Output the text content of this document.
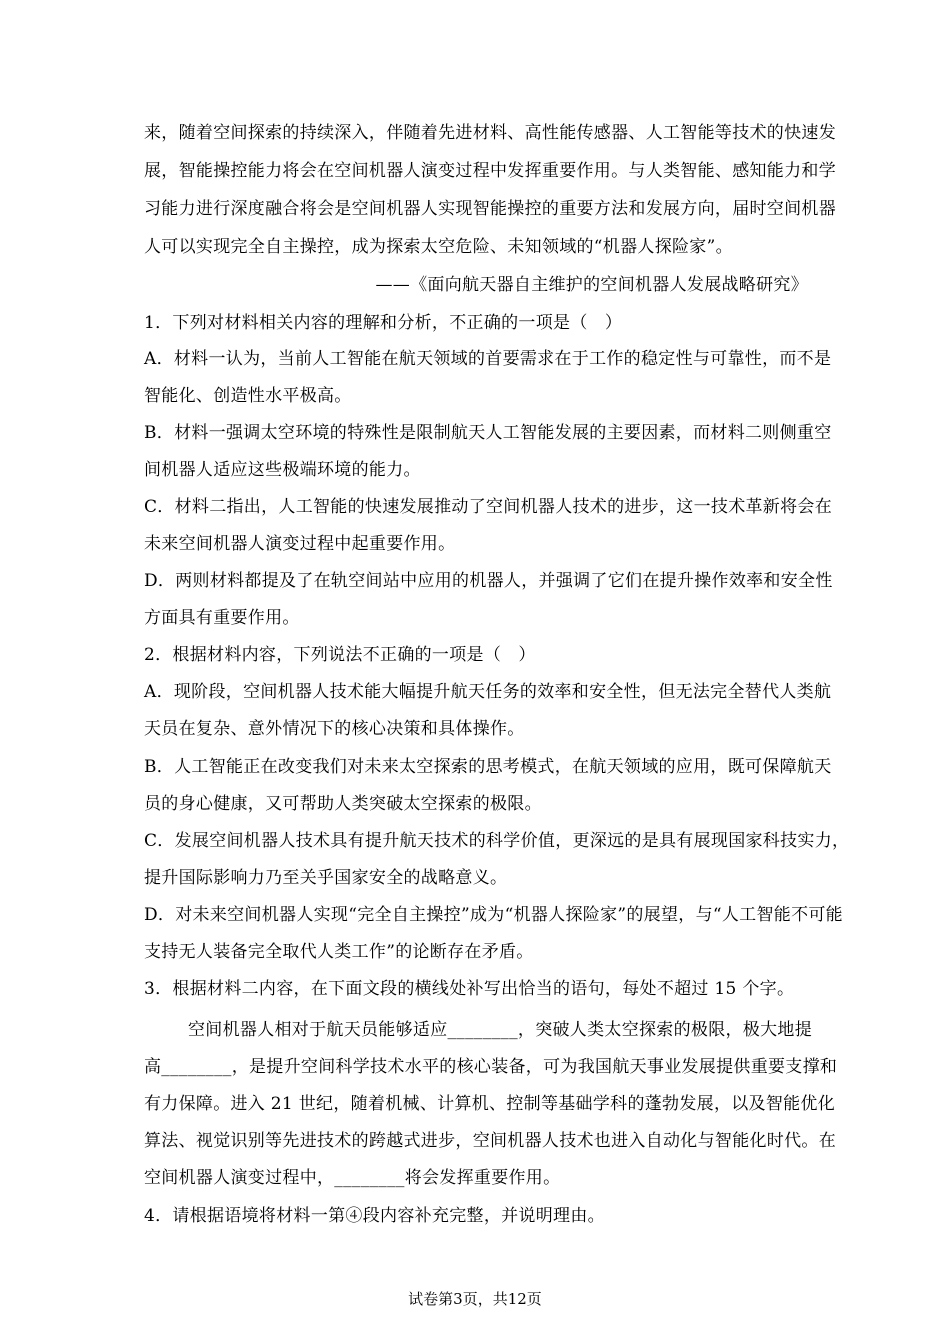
来，随着空间探索的持续深入，伴随着先进材料、高性能传感器、人工智能等技术的快速发
展，智能操控能力将会在空间机器人演变过程中发挥重要作用。与人类智能、感知能力和学
习能力进行深度融合将会是空间机器人实现智能操控的重要方法和发展方向，届时空间机器
人可以实现完全自主操控，成为探索太空危险、未知领域的“机器人探险家”。
——《面向航天器自主维护的空间机器人发展战略研究》
1．下列对材料相关内容的理解和分析，不正确的一项是（　）
A．材料一认为，当前人工智能在航天领域的首要需求在于工作的稳定性与可靠性，而不是
智能化、创造性水平极高。
B．材料一强调太空环境的特殊性是限制航天人工智能发展的主要因素，而材料二则侧重空
间机器人适应这些极端环境的能力。
C．材料二指出，人工智能的快速发展推动了空间机器人技术的进步，这一技术革新将会在
未来空间机器人演变过程中起重要作用。
D．两则材料都提及了在轨空间站中应用的机器人，并强调了它们在提升操作效率和安全性
方面具有重要作用。
2．根据材料内容，下列说法不正确的一项是（　）
A．现阶段，空间机器人技术能大幅提升航天任务的效率和安全性，但无法完全替代人类航
天员在复杂、意外情况下的核心决策和具体操作。
B．人工智能正在改变我们对未来太空探索的思考模式，在航天领域的应用，既可保障航天
员的身心健康，又可帮助人类突破太空探索的极限。
C．发展空间机器人技术具有提升航天技术的科学价值，更深远的是具有展现国家科技实力，
提升国际影响力乃至关乎国家安全的战略意义。
D．对未来空间机器人实现“完全自主操控”成为“机器人探险家”的展望，与“人工智能不可能
支持无人装备完全取代人类工作”的论断存在矛盾。
3．根据材料二内容，在下面文段的横线处补写出恰当的语句，每处不超过 15 个字。
空间机器人相对于航天员能够适应________，突破人类太空探索的极限，极大地提
高________，是提升空间科学技术水平的核心装备，可为我国航天事业发展提供重要支撑和
有力保障。进入 21 世纪，随着机械、计算机、控制等基础学科的蓬勃发展，以及智能优化
算法、视觉识别等先进技术的跨越式进步，空间机器人技术也进入自动化与智能化时代。在
空间机器人演变过程中，________将会发挥重要作用。
4．请根据语境将材料一第④段内容补充完整，并说明理由。
试卷第3页，共12页
